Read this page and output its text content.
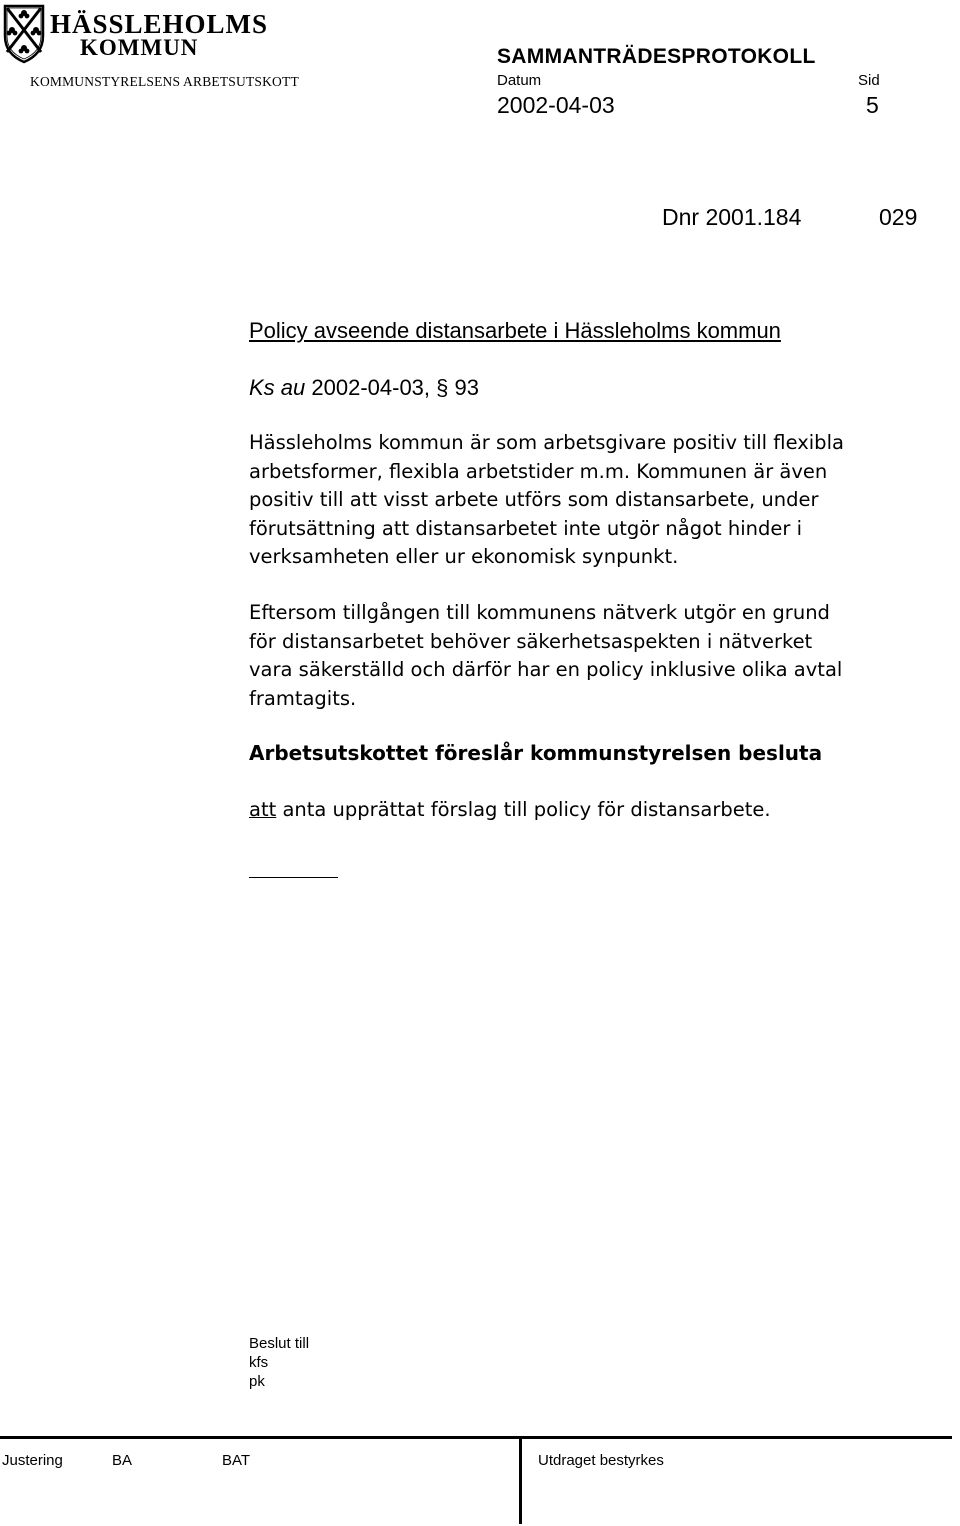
HÄSSLEHOLMS
KOMMUN
KOMMUNSTYRELSENS ARBETSUTSKOTT
SAMMANTRÄDESPROTOKOLL
Datum	Sid
2002-04-03	5
Dnr 2001.184	029
Policy avseende distansarbete i Hässleholms kommun
Ks au 2002-04-03, § 93
Hässleholms kommun är som arbetsgivare positiv till flexibla
arbetsformer, flexibla arbetstider m.m. Kommunen är även
positiv till att visst arbete utförs som distansarbete, under
förutsättning att distansarbetet inte utgör något hinder i
verksamheten eller ur ekonomisk synpunkt.
Eftersom tillgången till kommunens nätverk utgör en grund
för distansarbetet behöver säkerhetsaspekten i nätverket
vara säkerställd och därför har en policy inklusive olika avtal
framtagits.
Arbetsutskottet föreslår kommunstyrelsen besluta
att anta upprättat förslag till policy för distansarbete.
Beslut till
kfs
pk
Justering	BA	BAT	Utdraget bestyrkes
